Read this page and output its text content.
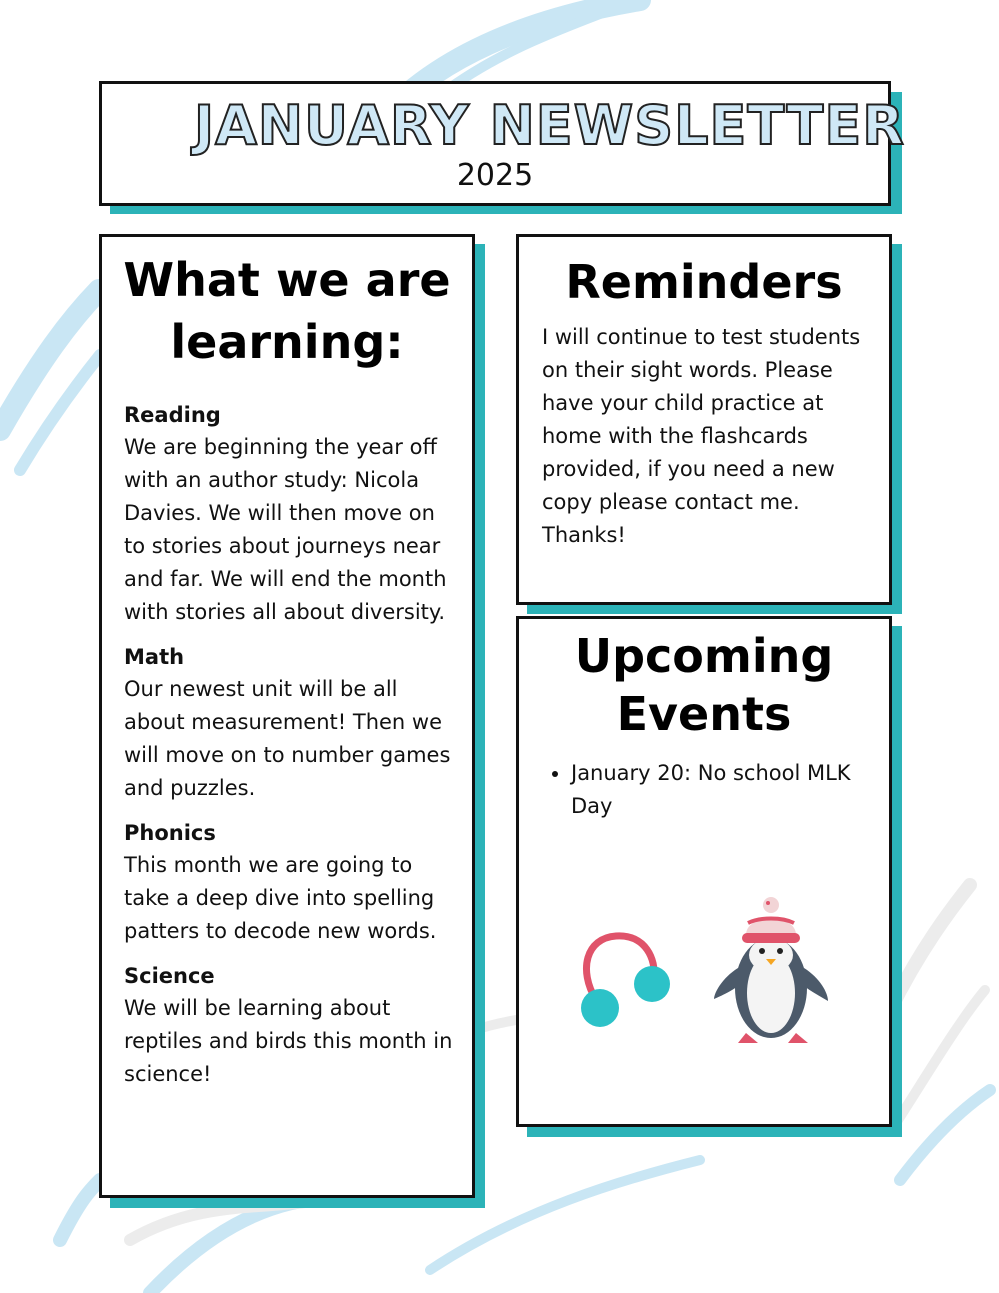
JANUARY NEWSLETTER
2025
What we are learning:
Reading
We are beginning the year off with an author study: Nicola Davies. We will then move on to stories about journeys near and far. We will end the month with stories all about diversity.
Math
Our newest unit will be all about measurement! Then we will move on to number games and puzzles.
Phonics
This month we are going to take a deep dive into spelling patters to decode new words.
Science
We will be learning about reptiles and birds this month in science!
Reminders
I will continue to test students on their sight words. Please have your child practice at home with the flashcards provided, if you need a new copy please contact me. Thanks!
Upcoming Events
• January 20: No school MLK Day
